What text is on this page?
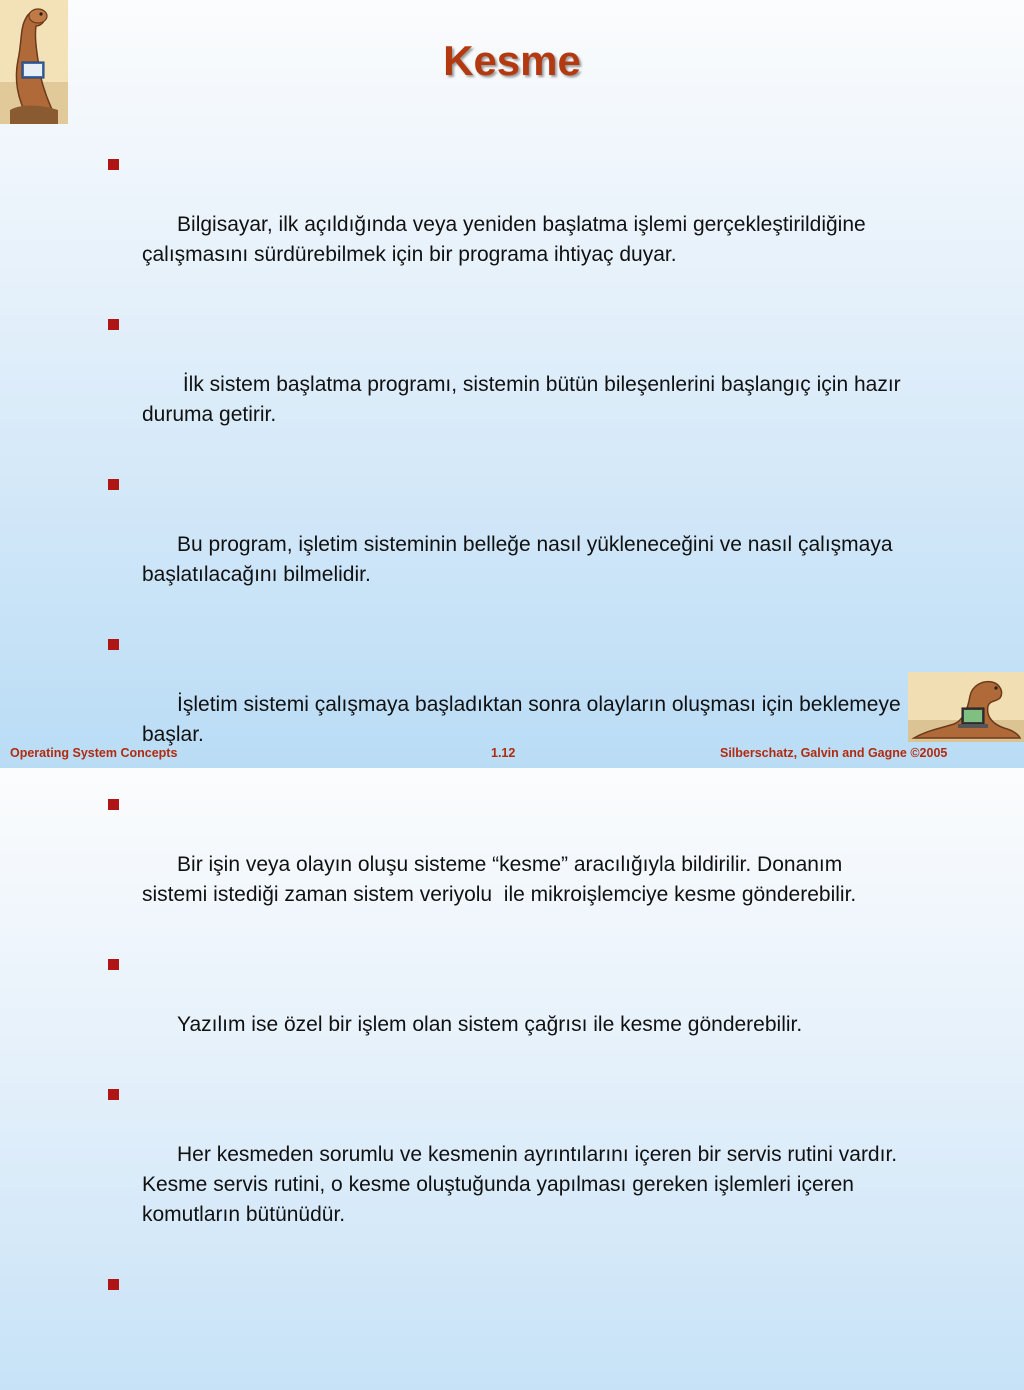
Kesme

Bilgisayar, ilk açıldığında veya yeniden başlatma işlemi gerçekleştirildiğine çalışmasını sürdürebilmek için bir programa ihtiyaç duyar.

İlk sistem başlatma programı, sistemin bütün bileşenlerini başlangıç için hazır duruma getirir.

Bu program, işletim sisteminin belleğe nasıl yükleneceğini ve nasıl çalışmaya başlatılacağını bilmelidir.

İşletim sistemi çalışmaya başladıktan sonra olayların oluşması için beklemeye başlar.

Bir işin veya olayın oluşu sisteme “kesme” aracılığıyla bildirilir. Donanım sistemi istediği zaman sistem veriyolu  ile mikroişlemciye kesme gönderebilir.

Yazılım ise özel bir işlem olan sistem çağrısı ile kesme gönderebilir.

Her kesmeden sorumlu ve kesmenin ayrıntılarını içeren bir servis rutini vardır. Kesme servis rutini, o kesme oluştuğunda yapılması gereken işlemleri içeren komutların bütünüdür.

Operating System Concepts	1.12	Silberschatz, Galvin and Gagne ©2005
